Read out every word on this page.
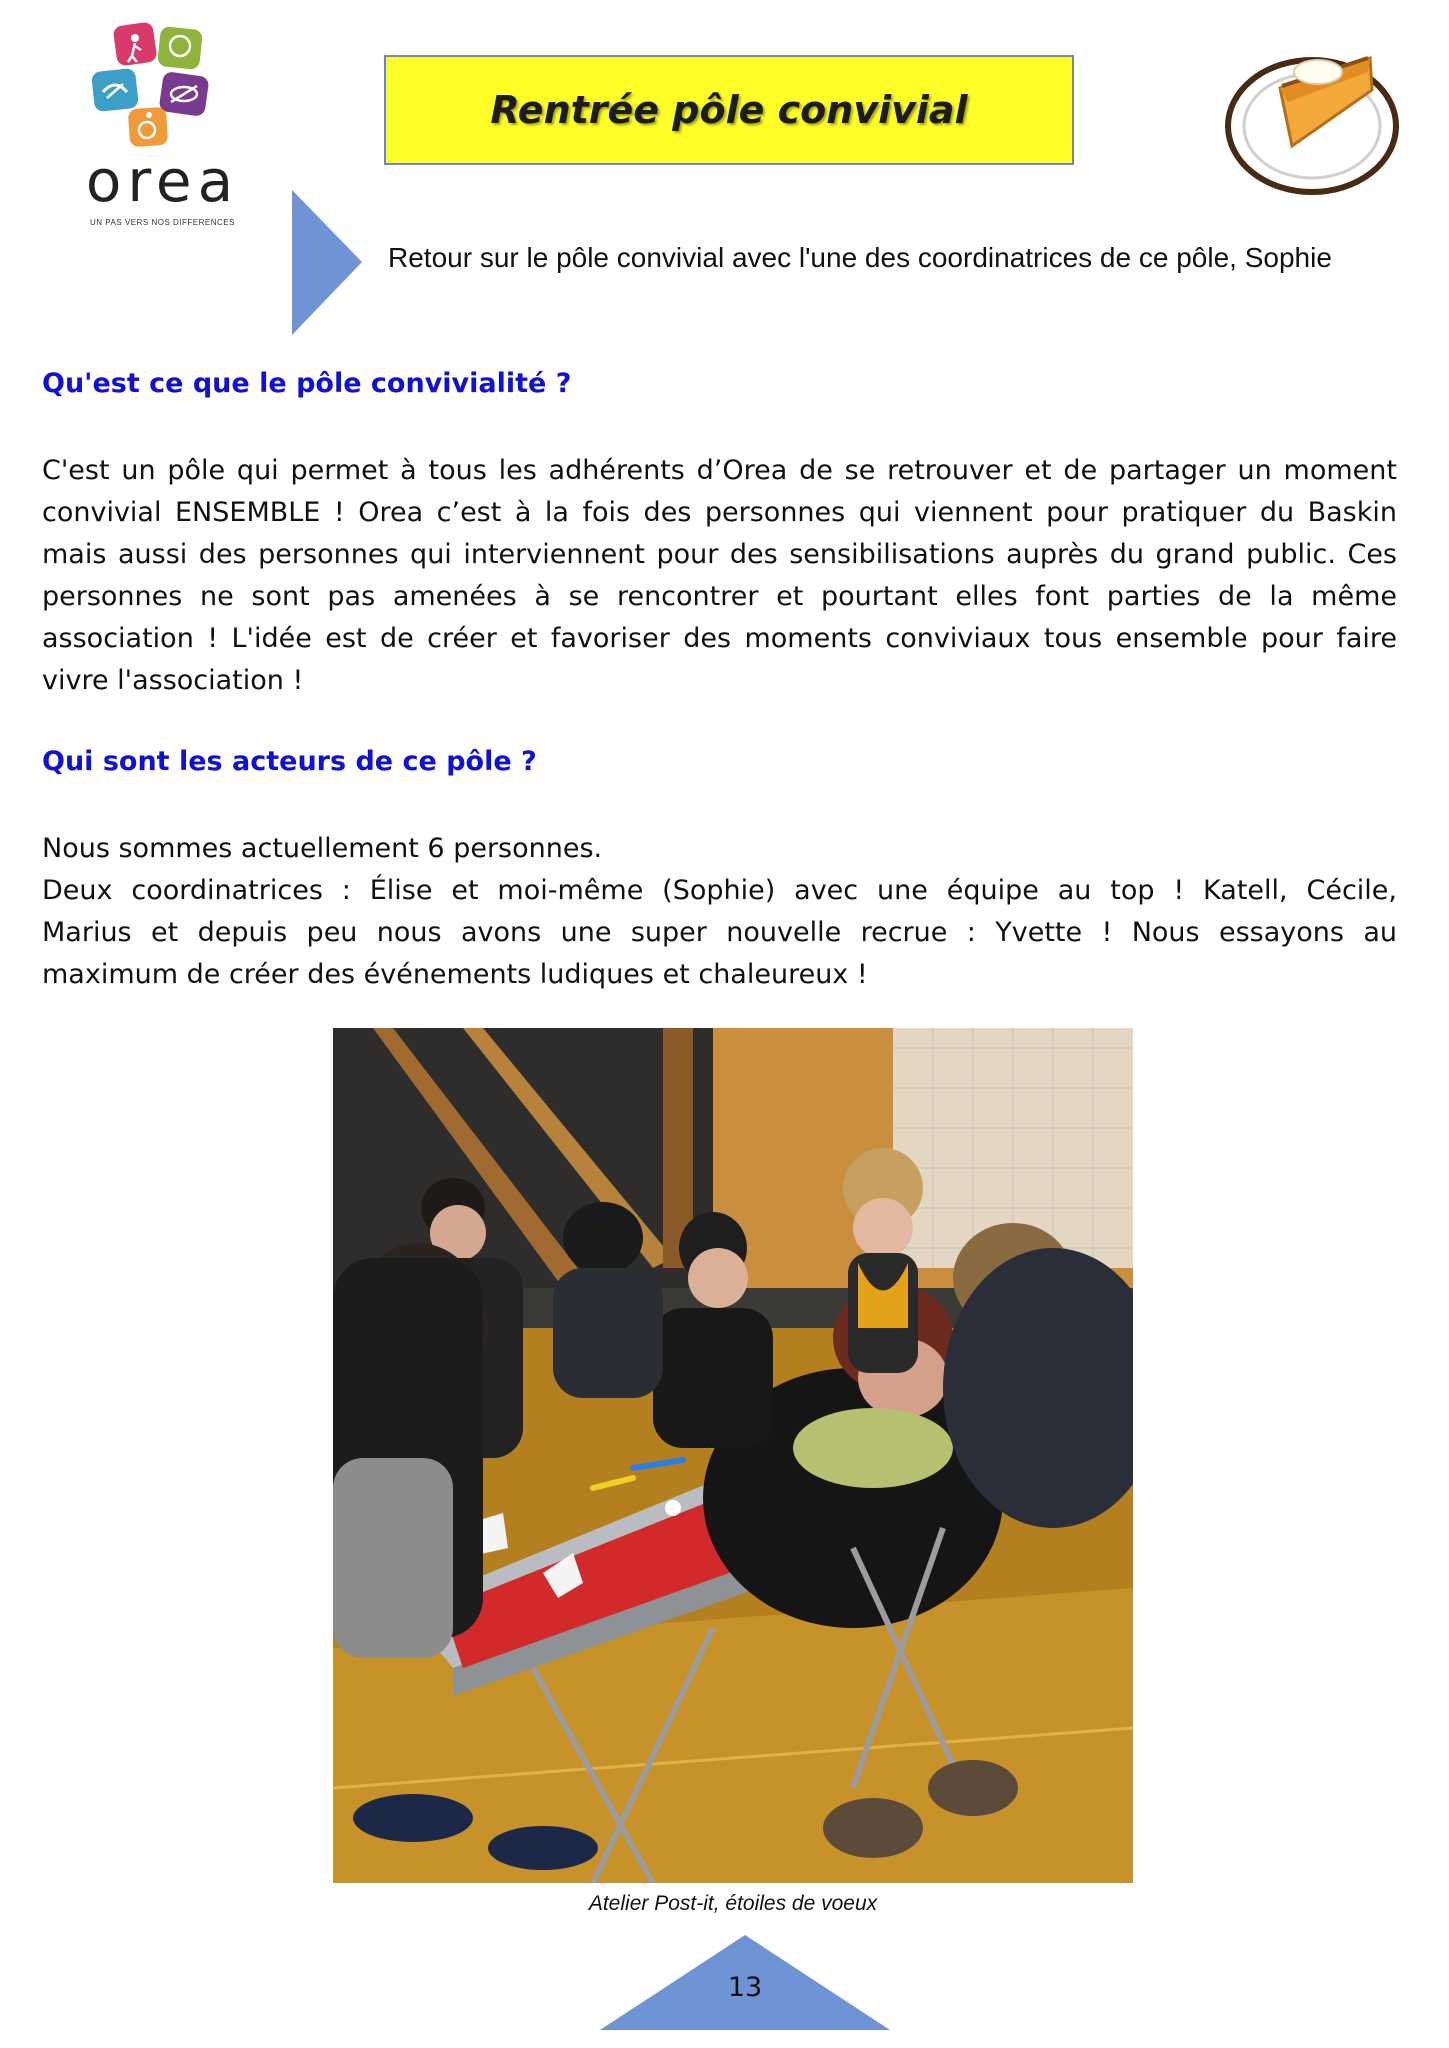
orea
UN PAS VERS NOS DIFFERENCES
Rentrée pôle convivial
Retour sur le pôle convivial avec l'une des coordinatrices de ce pôle, Sophie
Qu'est ce que le pôle convivialité ?
C'est un pôle qui permet à tous les adhérents d’Orea de se retrouver et de partager un moment
convivial ENSEMBLE ! Orea c’est à la fois des personnes qui viennent pour pratiquer du Baskin
mais aussi des personnes qui interviennent pour des sensibilisations auprès du grand public. Ces
personnes ne sont pas amenées à se rencontrer et pourtant elles font parties de la même
association ! L'idée est de créer et favoriser des moments conviviaux tous ensemble pour faire
vivre l'association !
Qui sont les acteurs de ce pôle ?
Nous sommes actuellement 6 personnes.
Deux coordinatrices : Élise et moi-même (Sophie) avec une équipe au top ! Katell, Cécile,
Marius et depuis peu nous avons une super nouvelle recrue : Yvette ! Nous essayons au
maximum de créer des événements ludiques et chaleureux !
Atelier Post-it, étoiles de voeux
13
